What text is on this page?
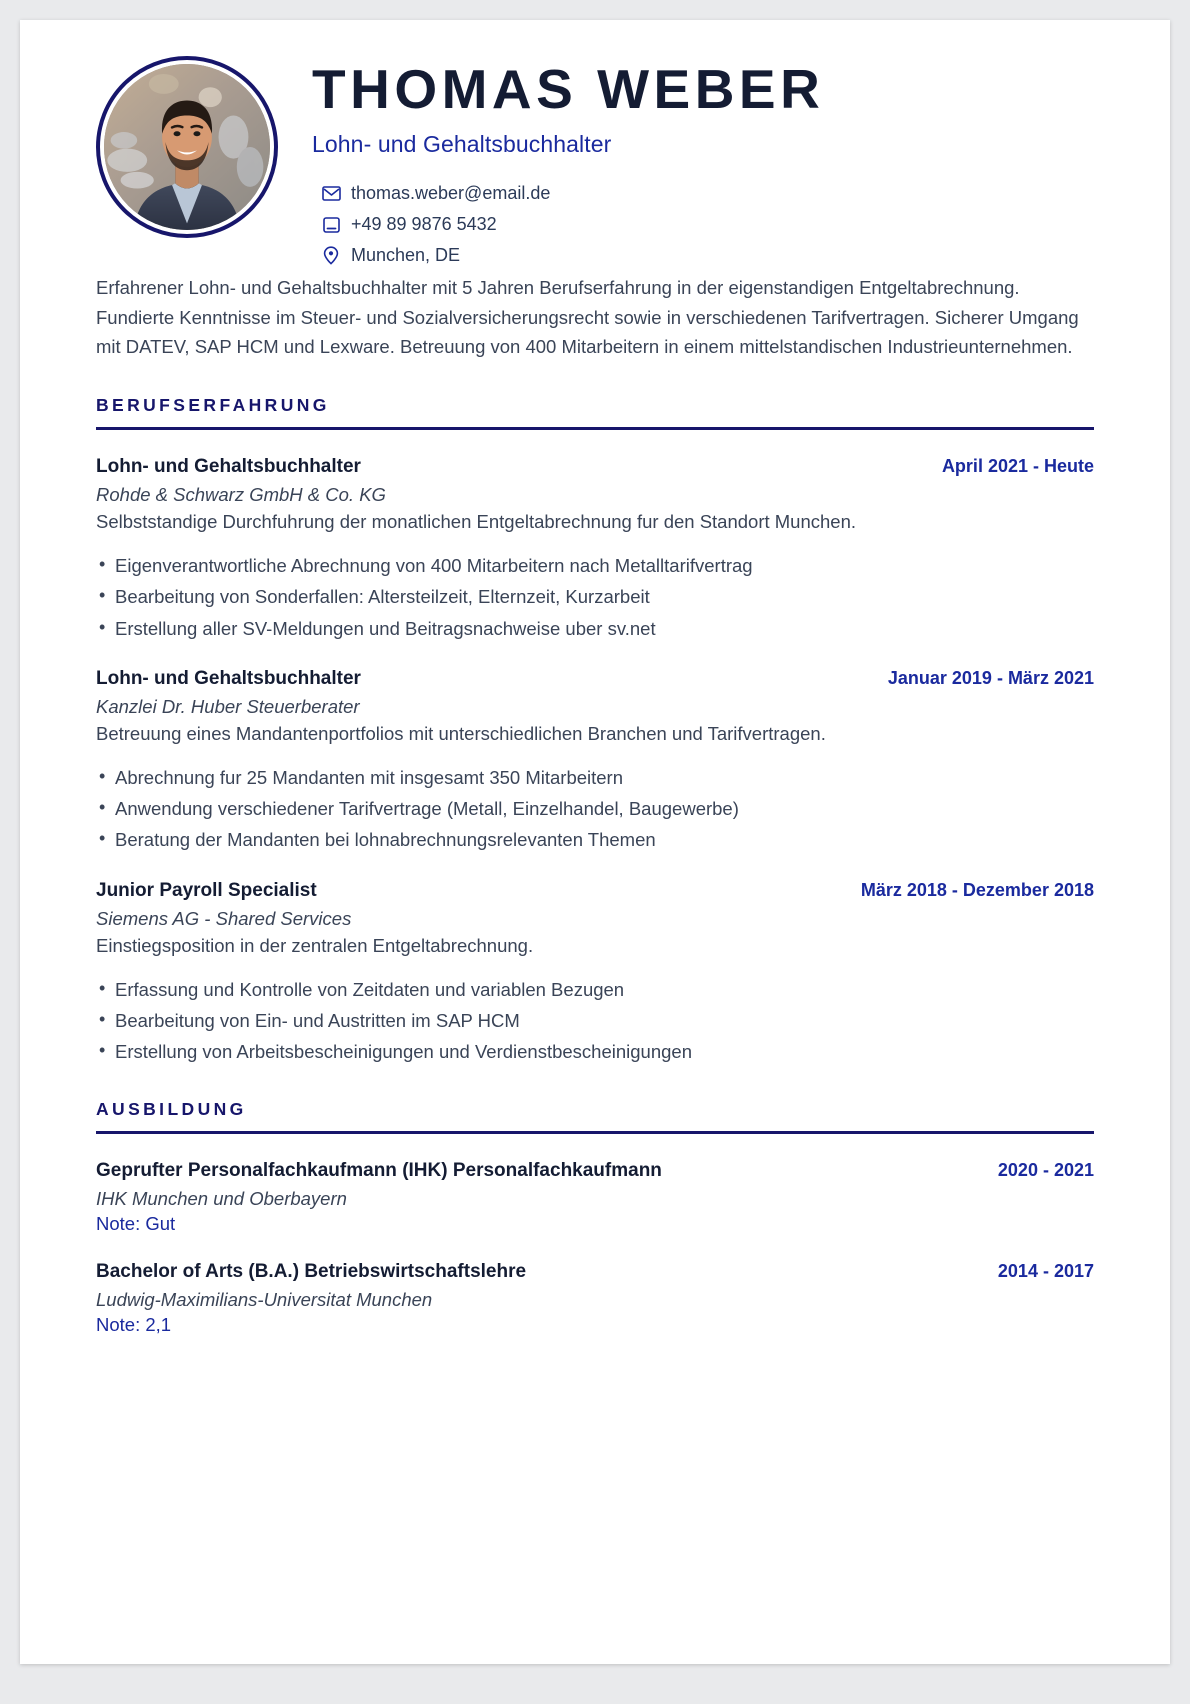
THOMAS WEBER
Lohn- und Gehaltsbuchhalter
thomas.weber@email.de
+49 89 9876 5432
Munchen, DE

Erfahrener Lohn- und Gehaltsbuchhalter mit 5 Jahren Berufserfahrung in der eigenstandigen Entgeltabrechnung. Fundierte Kenntnisse im Steuer- und Sozialversicherungsrecht sowie in verschiedenen Tarifvertragen. Sicherer Umgang mit DATEV, SAP HCM und Lexware. Betreuung von 400 Mitarbeitern in einem mittelstandischen Industrieunternehmen.

BERUFSERFAHRUNG
Lohn- und Gehaltsbuchhalter	April 2021 - Heute
Rohde & Schwarz GmbH & Co. KG
Selbststandige Durchfuhrung der monatlichen Entgeltabrechnung fur den Standort Munchen.
• Eigenverantwortliche Abrechnung von 400 Mitarbeitern nach Metalltarifvertrag
• Bearbeitung von Sonderfallen: Altersteilzeit, Elternzeit, Kurzarbeit
• Erstellung aller SV-Meldungen und Beitragsnachweise uber sv.net
Lohn- und Gehaltsbuchhalter	Januar 2019 - März 2021
Kanzlei Dr. Huber Steuerberater
Betreuung eines Mandantenportfolios mit unterschiedlichen Branchen und Tarifvertragen.
• Abrechnung fur 25 Mandanten mit insgesamt 350 Mitarbeitern
• Anwendung verschiedener Tarifvertrage (Metall, Einzelhandel, Baugewerbe)
• Beratung der Mandanten bei lohnabrechnungsrelevanten Themen
Junior Payroll Specialist	März 2018 - Dezember 2018
Siemens AG - Shared Services
Einstiegsposition in der zentralen Entgeltabrechnung.
• Erfassung und Kontrolle von Zeitdaten und variablen Bezugen
• Bearbeitung von Ein- und Austritten im SAP HCM
• Erstellung von Arbeitsbescheinigungen und Verdienstbescheinigungen
AUSBILDUNG
Geprufter Personalfachkaufmann (IHK) Personalfachkaufmann	2020 - 2021
IHK Munchen und Oberbayern
Note: Gut
Bachelor of Arts (B.A.) Betriebswirtschaftslehre	2014 - 2017
Ludwig-Maximilians-Universitat Munchen
Note: 2,1
